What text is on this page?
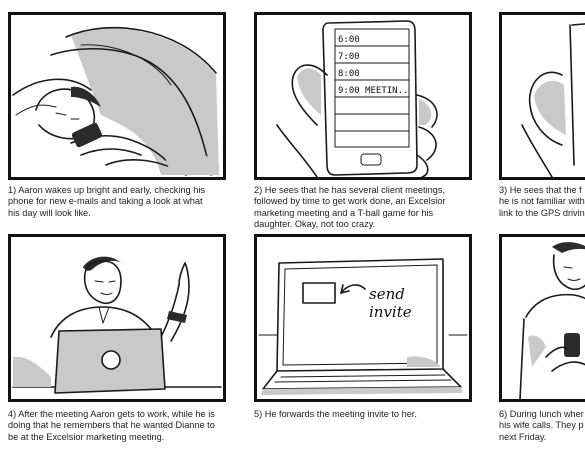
1) Aaron wakes up bright and early, checking his
phone for new e-mails and taking a look at what
his day will look like.
6:00
7:00
8:00
9:00 MEETIN..
2) He sees that he has several client meetings,
followed by time to get work done, an Excelsior
marketing meeting and a T-ball game for his
daughter. Okay, not too crazy.
3) He sees that the f
he is not familiar with
link to the GPS drivin
4) After the meeting Aaron gets to work, while he is
doing that he remembers that he wanted Dianne to
be at the Excelsior marketing meeting.
send
invite
5) He forwards the meeting invite to her.	6) During lunch wher
his wife calls. They p
next Friday.
